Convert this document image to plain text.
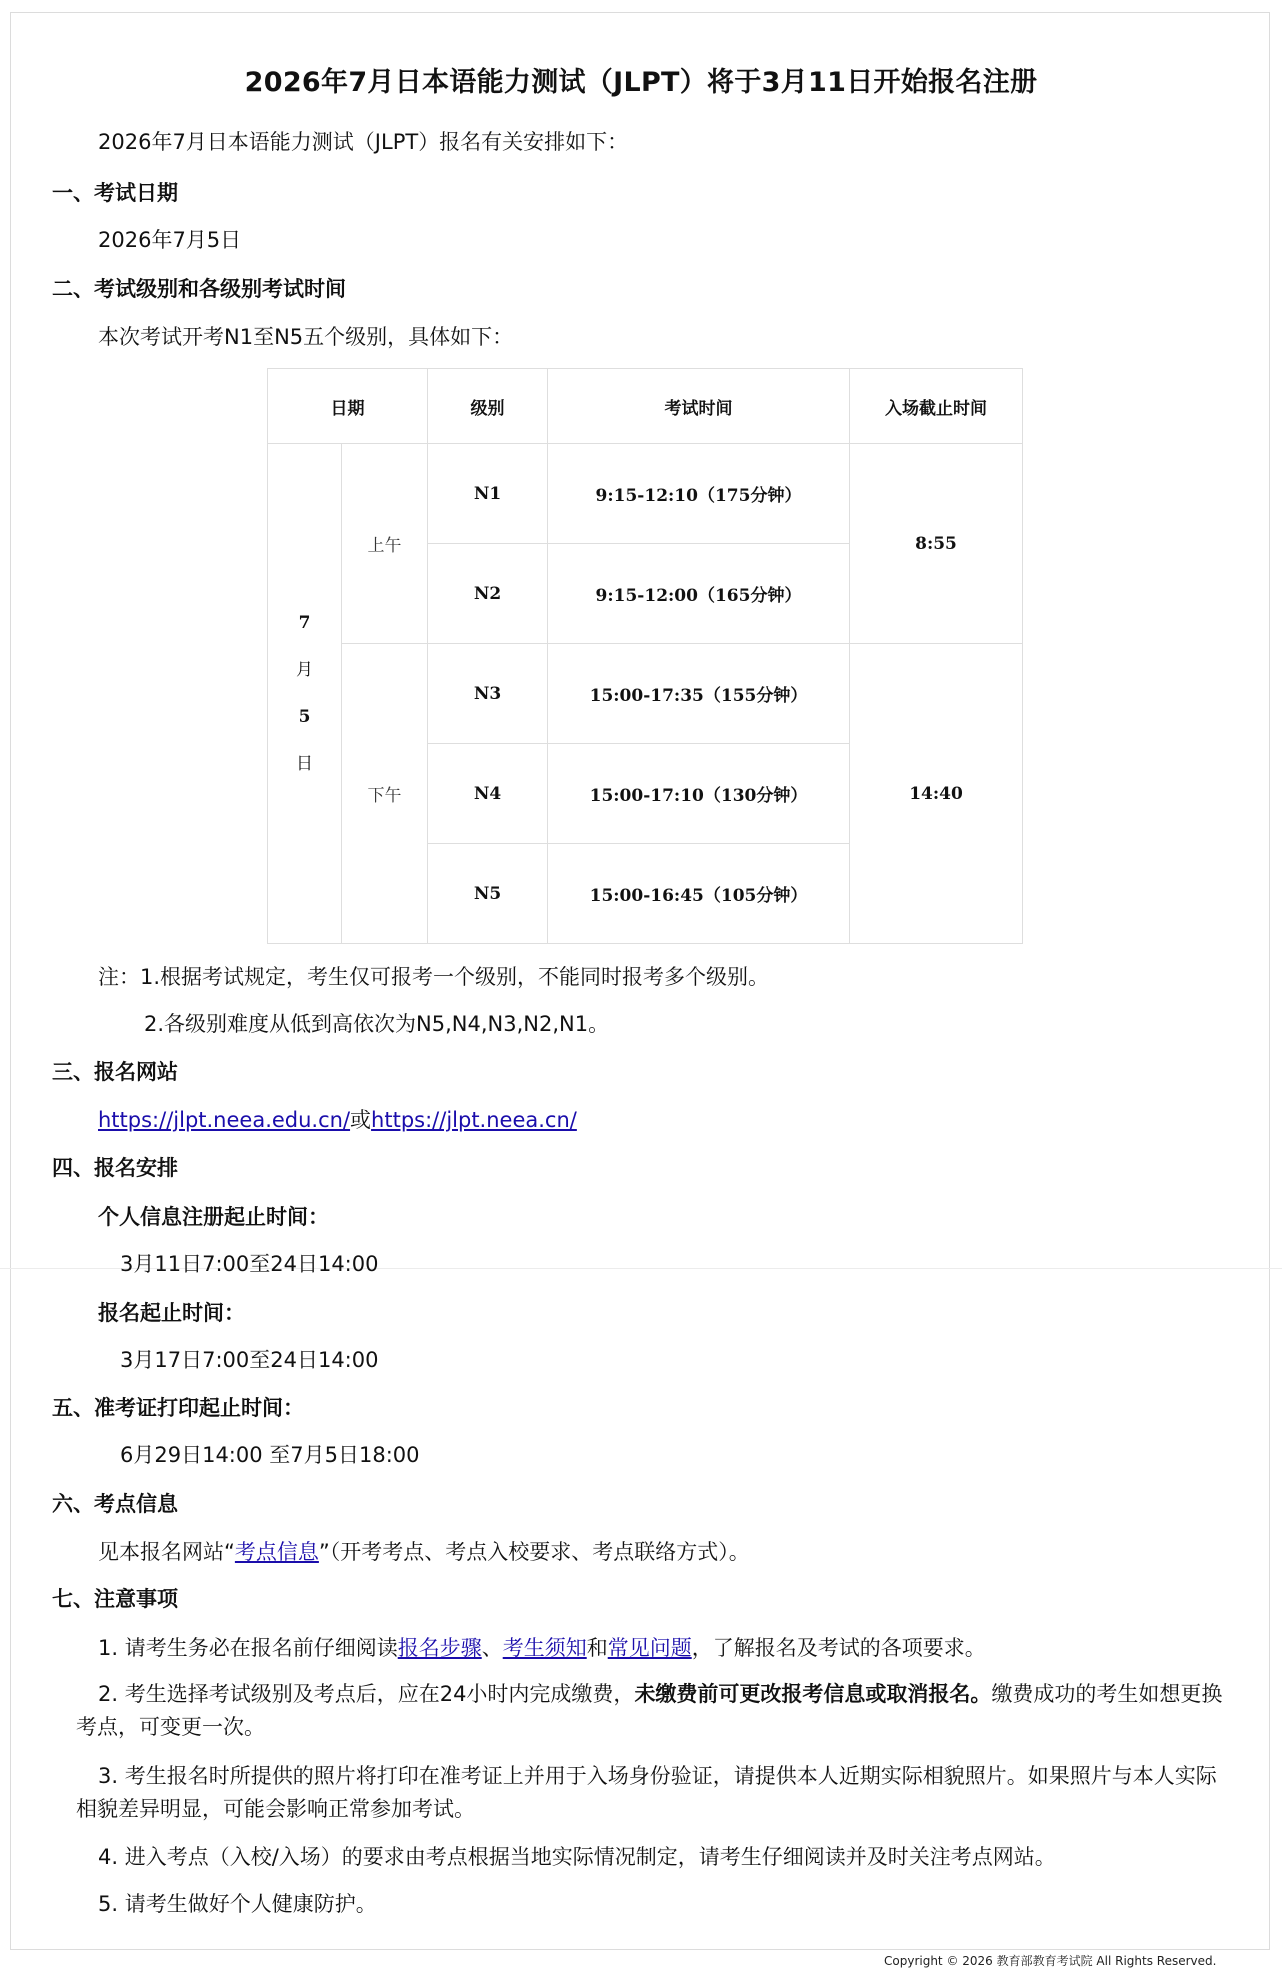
2026年7月日本语能力测试（JLPT）将于3月11日开始报名注册
2026年7月日本语能力测试（JLPT）报名有关安排如下：
一、考试日期
2026年7月5日
二、考试级别和各级别考试时间
本次考试开考N1至N5五个级别，具体如下：
日期		级别	考试时间	入场截止时间

7
月
5
日	上午	N1	9:15-12:10（175分钟）	8:55
		N2	9:15-12:00（165分钟）	
	下午	N3	15:00-17:35（155分钟）	14:40
		N4	15:00-17:10（130分钟）	
		N5	15:00-16:45（105分钟）	
注：1.根据考试规定，考生仅可报考一个级别，不能同时报考多个级别。
2.各级别难度从低到高依次为N5,N4,N3,N2,N1。
三、报名网站
https://jlpt.neea.edu.cn/或https://jlpt.neea.cn/
四、报名安排
个人信息注册起止时间：
3月11日7:00至24日14:00
报名起止时间：
3月17日7:00至24日14:00
五、准考证打印起止时间：
6月29日14:00 至7月5日18:00
六、考点信息
见本报名网站“考点信息”（开考考点、考点入校要求、考点联络方式）。
七、注意事项
1. 请考生务必在报名前仔细阅读报名步骤、考生须知和常见问题，了解报名及考试的各项要求。
2. 考生选择考试级别及考点后，应在24小时内完成缴费，未缴费前可更改报考信息或取消报名。缴费成功的考生如想更换考点，可变更一次。
3. 考生报名时所提供的照片将打印在准考证上并用于入场身份验证，请提供本人近期实际相貌照片。如果照片与本人实际相貌差异明显，可能会影响正常参加考试。
4. 进入考点（入校/入场）的要求由考点根据当地实际情况制定，请考生仔细阅读并及时关注考点网站。
5. 请考生做好个人健康防护。
Copyright © 2026 教育部教育考试院 All Rights Reserved.
